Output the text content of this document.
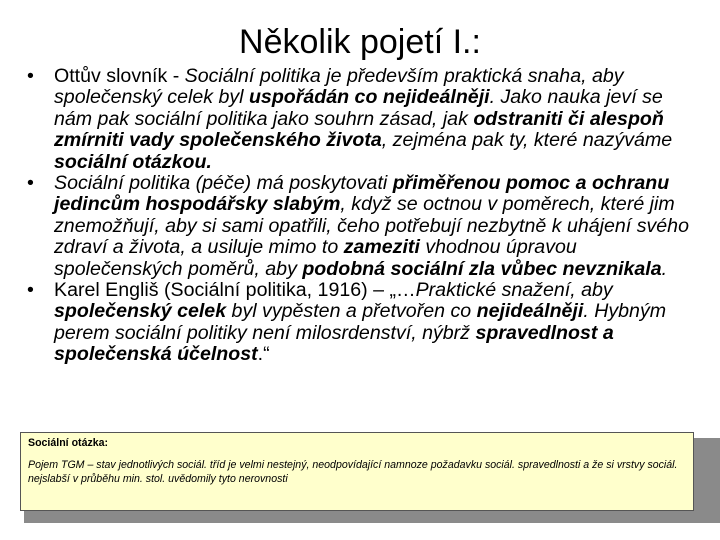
Několik pojetí I.:
• Ottův slovník - Sociální politika je především praktická snaha, aby společenský celek byl uspořádán co nejideálněji. Jako nauka jeví se nám pak sociální politika jako souhrn zásad, jak odstraniti či alespoň zmírniti vady společenského života, zejména pak ty, které nazýváme sociální otázkou.
• Sociální politika (péče) má poskytovati přiměřenou pomoc a ochranu jedincům hospodářsky slabým, když se octnou v poměrech, které jim znemožňují, aby si sami opatřili, čeho potřebují nezbytně k uhájení svého zdraví a života, a usiluje mimo to zameziti vhodnou úpravou společenských poměrů, aby podobná sociální zla vůbec nevznikala.
• Karel Engliš (Sociální politika, 1916) – „…Praktické snažení, aby společenský celek byl vypěsten a přetvořen co nejideálněji. Hybným perem sociální politiky není milosrdenství, nýbrž spravedlnost a společenská účelnost.“
Sociální otázka:
Pojem TGM – stav jednotlivých sociál. tříd je velmi nestejný, neodpovídající namnoze požadavku sociál. spravedlnosti a že si vrstvy sociál. nejslabší v průběhu min. stol. uvědomily tyto nerovnosti
